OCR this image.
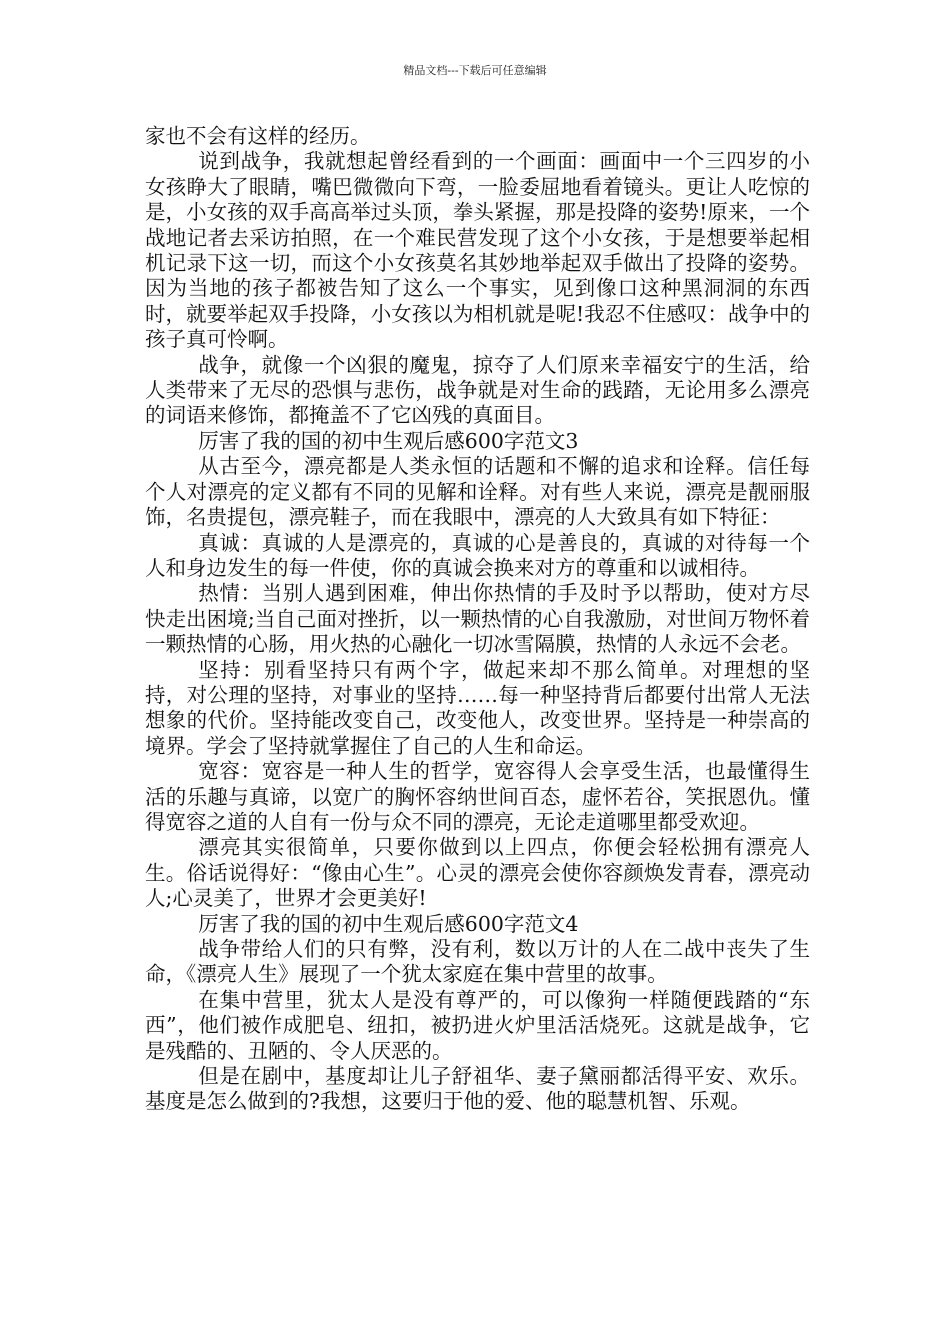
精品文档---下载后可任意编辑

家也不会有这样的经历。

说到战争，我就想起曾经看到的一个画面：画面中一个三四岁的小女孩睁大了眼睛，嘴巴微微向下弯，一脸委屈地看着镜头。更让人吃惊的是，小女孩的双手高高举过头顶，拳头紧握，那是投降的姿势!原来，一个战地记者去采访拍照，在一个难民营发现了这个小女孩，于是想要举起相机记录下这一切，而这个小女孩莫名其妙地举起双手做出了投降的姿势。因为当地的孩子都被告知了这么一个事实，见到像口这种黑洞洞的东西时，就要举起双手投降，小女孩以为相机就是呢!我忍不住感叹：战争中的孩子真可怜啊。

战争，就像一个凶狠的魔鬼，掠夺了人们原来幸福安宁的生活，给人类带来了无尽的恐惧与悲伤，战争就是对生命的践踏，无论用多么漂亮的词语来修饰，都掩盖不了它凶残的真面目。

厉害了我的国的初中生观后感600字范文3

从古至今，漂亮都是人类永恒的话题和不懈的追求和诠释。信任每个人对漂亮的定义都有不同的见解和诠释。对有些人来说，漂亮是靓丽服饰，名贵提包，漂亮鞋子，而在我眼中，漂亮的人大致具有如下特征：

真诚：真诚的人是漂亮的，真诚的心是善良的，真诚的对待每一个人和身边发生的每一件使，你的真诚会换来对方的尊重和以诚相待。

热情：当别人遇到困难，伸出你热情的手及时予以帮助，使对方尽快走出困境;当自己面对挫折，以一颗热情的心自我激励，对世间万物怀着一颗热情的心肠，用火热的心融化一切冰雪隔膜，热情的人永远不会老。

坚持：别看坚持只有两个字，做起来却不那么简单。对理想的坚持，对公理的坚持，对事业的坚持……每一种坚持背后都要付出常人无法想象的代价。坚持能改变自己，改变他人，改变世界。坚持是一种崇高的境界。学会了坚持就掌握住了自己的人生和命运。

宽容：宽容是一种人生的哲学，宽容得人会享受生活，也最懂得生活的乐趣与真谛，以宽广的胸怀容纳世间百态，虚怀若谷，笑抿恩仇。懂得宽容之道的人自有一份与众不同的漂亮，无论走道哪里都受欢迎。

漂亮其实很简单，只要你做到以上四点，你便会轻松拥有漂亮人生。俗话说得好：“像由心生”。心灵的漂亮会使你容颜焕发青春，漂亮动人;心灵美了，世界才会更美好!

厉害了我的国的初中生观后感600字范文4

战争带给人们的只有弊，没有利，数以万计的人在二战中丧失了生命，《漂亮人生》展现了一个犹太家庭在集中营里的故事。

在集中营里，犹太人是没有尊严的，可以像狗一样随便践踏的“东西”，他们被作成肥皂、纽扣，被扔进火炉里活活烧死。这就是战争，它是残酷的、丑陋的、令人厌恶的。

但是在剧中，基度却让儿子舒祖华、妻子黛丽都活得平安、欢乐。基度是怎么做到的?我想，这要归于他的爱、他的聪慧机智、乐观。
